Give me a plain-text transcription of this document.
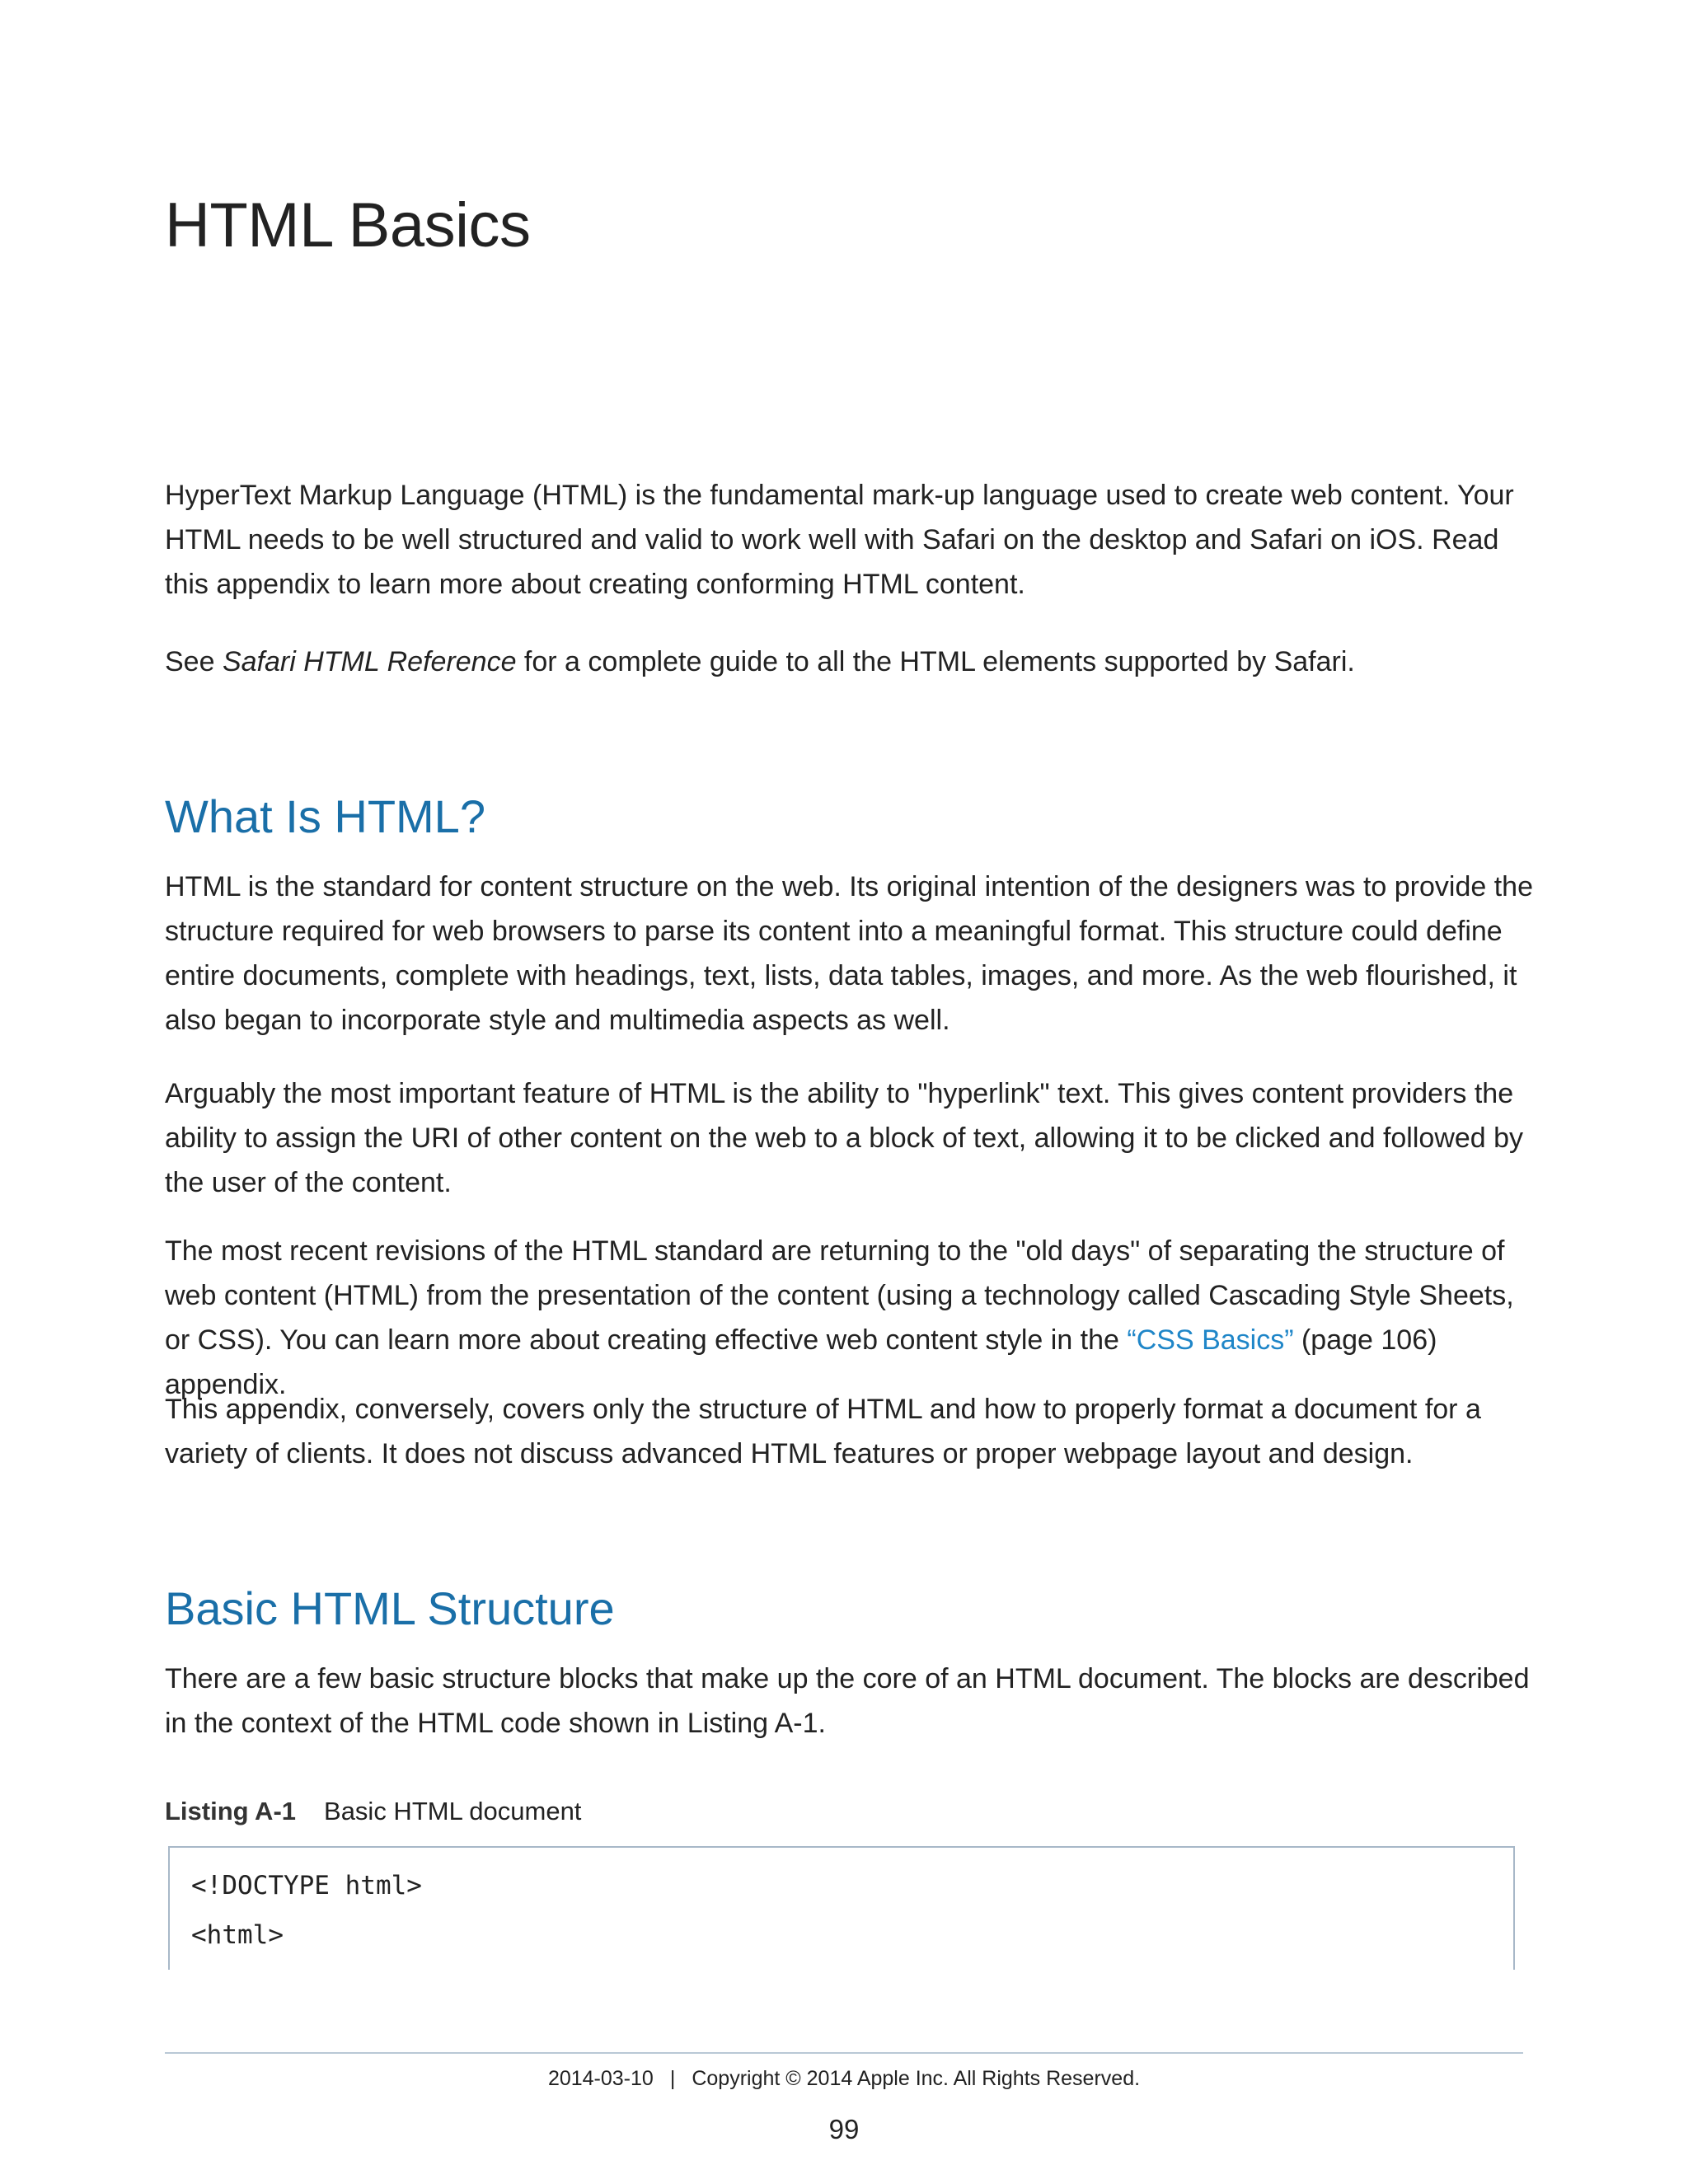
HTML Basics

HyperText Markup Language (HTML) is the fundamental mark-up language used to create web content. Your HTML needs to be well structured and valid to work well with Safari on the desktop and Safari on iOS. Read this appendix to learn more about creating conforming HTML content.

See Safari HTML Reference for a complete guide to all the HTML elements supported by Safari.

What Is HTML?

HTML is the standard for content structure on the web. Its original intention of the designers was to provide the structure required for web browsers to parse its content into a meaningful format. This structure could define entire documents, complete with headings, text, lists, data tables, images, and more. As the web flourished, it also began to incorporate style and multimedia aspects as well.

Arguably the most important feature of HTML is the ability to "hyperlink" text. This gives content providers the ability to assign the URI of other content on the web to a block of text, allowing it to be clicked and followed by the user of the content.

The most recent revisions of the HTML standard are returning to the "old days" of separating the structure of web content (HTML) from the presentation of the content (using a technology called Cascading Style Sheets, or CSS). You can learn more about creating effective web content style in the “CSS Basics” (page 106) appendix.

This appendix, conversely, covers only the structure of HTML and how to properly format a document for a variety of clients. It does not discuss advanced HTML features or proper webpage layout and design.

Basic HTML Structure

There are a few basic structure blocks that make up the core of an HTML document. The blocks are described in the context of the HTML code shown in Listing A-1.

Listing A-1 Basic HTML document

<!DOCTYPE html>
<html>

2014-03-10 | Copyright © 2014 Apple Inc. All Rights Reserved.

99
